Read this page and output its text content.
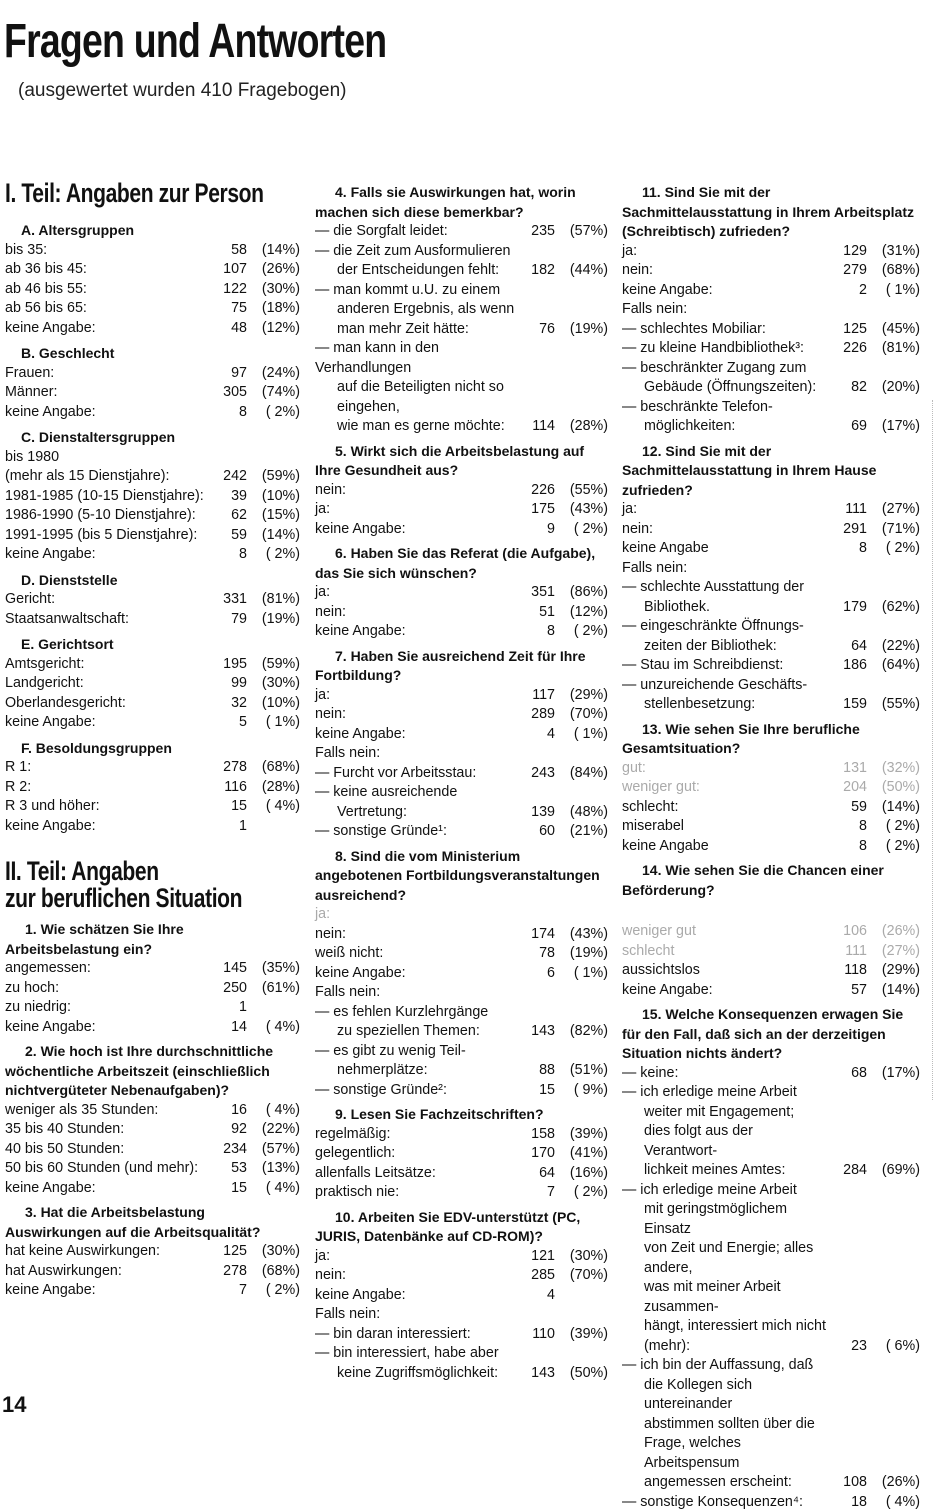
Fragen und Antworten
(ausgewertet wurden 410 Fragebogen)
I. Teil: Angaben zur Person
A. Altersgruppen
bis 35:	58	(14%)
ab 36 bis 45:	107	(26%)
ab 46 bis 55:	122	(30%)
ab 56 bis 65:	75	(18%)
keine Angabe:	48	(12%)
B. Geschlecht
Frauen:	97	(24%)
Männer:	305	(74%)
keine Angabe:	8	( 2%)
C. Dienstaltersgruppen
bis 1980
(mehr als 15 Dienstjahre):	242	(59%)
1981-1985 (10-15 Dienstjahre):	39	(10%)
1986-1990 (5-10 Dienstjahre):	62	(15%)
1991-1995 (bis 5 Dienstjahre):	59	(14%)
keine Angabe:	8	( 2%)
D. Dienststelle
Gericht:	331	(81%)
Staatsanwaltschaft:	79	(19%)
E. Gerichtsort
Amtsgericht:	195	(59%)
Landgericht:	99	(30%)
Oberlandesgericht:	32	(10%)
keine Angabe:	5	( 1%)
F. Besoldungsgruppen
R 1:	278	(68%)
R 2:	116	(28%)
R 3 und höher:	15	( 4%)
keine Angabe:	1
II. Teil: Angaben
zur beruflichen Situation
1. Wie schätzen Sie Ihre Arbeitsbelastung ein?
angemessen:	145	(35%)
zu hoch:	250	(61%)
zu niedrig:	1
keine Angabe:	14	( 4%)
2. Wie hoch ist Ihre durchschnittliche wöchentliche Arbeitszeit (einschließlich nichtvergüteter Nebenaufgaben)?
weniger als 35 Stunden:	16	( 4%)
35 bis 40 Stunden:	92	(22%)
40 bis 50 Stunden:	234	(57%)
50 bis 60 Stunden (und mehr):	53	(13%)
keine Angabe:	15	( 4%)
3. Hat die Arbeitsbelastung Auswirkungen auf die Arbeitsqualität?
hat keine Auswirkungen:	125	(30%)
hat Auswirkungen:	278	(68%)
keine Angabe:	7	( 2%)
4. Falls sie Auswirkungen hat, worin machen sich diese bemerkbar?
— die Sorgfalt leidet:	235	(57%)
— die Zeit zum Ausformulieren
der Entscheidungen fehlt:	182	(44%)
— man kommt u.U. zu einem
anderen Ergebnis, als wenn
man mehr Zeit hätte:	76	(19%)
— man kann in den Verhandlungen
auf die Beteiligten nicht so eingehen,
wie man es gerne möchte:	114	(28%)
5. Wirkt sich die Arbeitsbelastung auf Ihre Gesundheit aus?
nein:	226	(55%)
ja:	175	(43%)
keine Angabe:	9	( 2%)
6. Haben Sie das Referat (die Aufgabe), das Sie sich wünschen?
ja:	351	(86%)
nein:	51	(12%)
keine Angabe:	8	( 2%)
7. Haben Sie ausreichend Zeit für Ihre Fortbildung?
ja:	117	(29%)
nein:	289	(70%)
keine Angabe:	4	( 1%)
Falls nein:
— Furcht vor Arbeitsstau:	243	(84%)
— keine ausreichende
Vertretung:	139	(48%)
— sonstige Gründe¹:	60	(21%)
8. Sind die vom Ministerium angebotenen Fortbildungsveranstaltungen ausreichend?
ja:
nein:	174	(43%)
weiß nicht:	78	(19%)
keine Angabe:	6	( 1%)
Falls nein:
— es fehlen Kurzlehrgänge
zu speziellen Themen:	143	(82%)
— es gibt zu wenig Teil-
nehmerplätze:	88	(51%)
— sonstige Gründe²:	15	( 9%)
9. Lesen Sie Fachzeitschriften?
regelmäßig:	158	(39%)
gelegentlich:	170	(41%)
allenfalls Leitsätze:	64	(16%)
praktisch nie:	7	( 2%)
10. Arbeiten Sie EDV-unterstützt (PC, JURIS, Datenbänke auf CD-ROM)?
ja:	121	(30%)
nein:	285	(70%)
keine Angabe:	4
Falls nein:
— bin daran interessiert:	110	(39%)
— bin interessiert, habe aber
keine Zugriffsmöglichkeit:	143	(50%)
11. Sind Sie mit der Sachmittelausstattung in Ihrem Arbeitsplatz (Schreibtisch) zufrieden?
ja:	129	(31%)
nein:	279	(68%)
keine Angabe:	2	( 1%)
Falls nein:
— schlechtes Mobiliar:	125	(45%)
— zu kleine Handbibliothek³:	226	(81%)
— beschränkter Zugang zum
Gebäude (Öffnungszeiten):	82	(20%)
— beschränkte Telefon-
möglichkeiten:	69	(17%)
12. Sind Sie mit der Sachmittelausstattung in Ihrem Hause zufrieden?
ja:	111	(27%)
nein:	291	(71%)
keine Angabe	8	( 2%)
Falls nein:
— schlechte Ausstattung der
Bibliothek.	179	(62%)
— eingeschränkte Öffnungs-
zeiten der Bibliothek:	64	(22%)
— Stau im Schreibdienst:	186	(64%)
— unzureichende Geschäfts-
stellenbesetzung:	159	(55%)
13. Wie sehen Sie Ihre berufliche Gesamtsituation?
gut:	131	(32%)
weniger gut:	204	(50%)
schlecht:	59	(14%)
miserabel	8	( 2%)
keine Angabe	8	( 2%)
14. Wie sehen Sie die Chancen einer Beförderung?
weniger gut	106	(26%)
schlecht	111	(27%)
aussichtslos	118	(29%)
keine Angabe:	57	(14%)
15. Welche Konsequenzen erwagen Sie für den Fall, daß sich an der derzeitigen Situation nichts ändert?
— keine:	68	(17%)
— ich erledige meine Arbeit
weiter mit Engagement;
dies folgt aus der Verantwort-
lichkeit meines Amtes:	284	(69%)
— ich erledige meine Arbeit
mit geringstmöglichem Einsatz
von Zeit und Energie; alles andere,
was mit meiner Arbeit zusammen-
hängt, interessiert mich nicht
(mehr):	23	( 6%)
— ich bin der Auffassung, daß
die Kollegen sich untereinander
abstimmen sollten über die
Frage, welches Arbeitspensum
angemessen erscheint:	108	(26%)
— sonstige Konsequenzen⁴:	18	( 4%)
14
